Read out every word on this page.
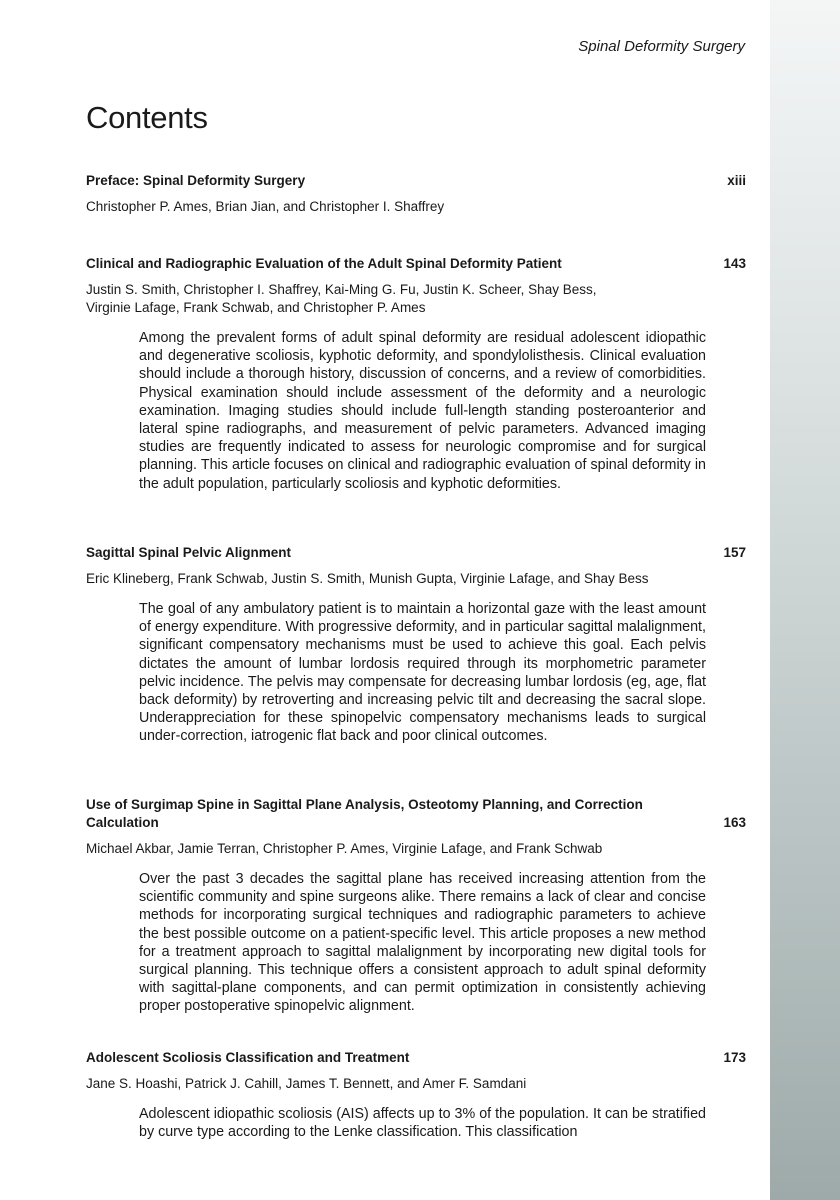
Spinal Deformity Surgery
Contents
Preface: Spinal Deformity Surgery	xiii
Christopher P. Ames, Brian Jian, and Christopher I. Shaffrey
Clinical and Radiographic Evaluation of the Adult Spinal Deformity Patient	143
Justin S. Smith, Christopher I. Shaffrey, Kai-Ming G. Fu, Justin K. Scheer, Shay Bess,
Virginie Lafage, Frank Schwab, and Christopher P. Ames

Among the prevalent forms of adult spinal deformity are residual adolescent idiopathic and degenerative scoliosis, kyphotic deformity, and spondylolisthesis. Clinical evaluation should include a thorough history, discussion of concerns, and a review of comorbidities. Physical examination should include assessment of the deformity and a neurologic examination. Imaging studies should include full-length standing posteroanterior and lateral spine radiographs, and measurement of pelvic parameters. Advanced imaging studies are frequently indicated to assess for neurologic compromise and for surgical planning. This article focuses on clinical and radiographic evaluation of spinal deformity in the adult population, particularly scoliosis and kyphotic deformities.

Sagittal Spinal Pelvic Alignment	157
Eric Klineberg, Frank Schwab, Justin S. Smith, Munish Gupta, Virginie Lafage, and Shay Bess

The goal of any ambulatory patient is to maintain a horizontal gaze with the least amount of energy expenditure. With progressive deformity, and in particular sagittal malalignment, significant compensatory mechanisms must be used to achieve this goal. Each pelvis dictates the amount of lumbar lordosis required through its morphometric parameter pelvic incidence. The pelvis may compensate for decreasing lumbar lordosis (eg, age, flat back deformity) by retroverting and increasing pelvic tilt and decreasing the sacral slope. Underappreciation for these spinopelvic compensatory mechanisms leads to surgical under-correction, iatrogenic flat back and poor clinical outcomes.

Use of Surgimap Spine in Sagittal Plane Analysis, Osteotomy Planning, and Correction Calculation	163
Michael Akbar, Jamie Terran, Christopher P. Ames, Virginie Lafage, and Frank Schwab

Over the past 3 decades the sagittal plane has received increasing attention from the scientific community and spine surgeons alike. There remains a lack of clear and concise methods for incorporating surgical techniques and radiographic parameters to achieve the best possible outcome on a patient-specific level. This article proposes a new method for a treatment approach to sagittal malalignment by incorporating new digital tools for surgical planning. This technique offers a consistent approach to adult spinal deformity with sagittal-plane components, and can permit optimization in consistently achieving proper postoperative spinopelvic alignment.

Adolescent Scoliosis Classification and Treatment	173
Jane S. Hoashi, Patrick J. Cahill, James T. Bennett, and Amer F. Samdani

Adolescent idiopathic scoliosis (AIS) affects up to 3% of the population. It can be stratified by curve type according to the Lenke classification. This classification
